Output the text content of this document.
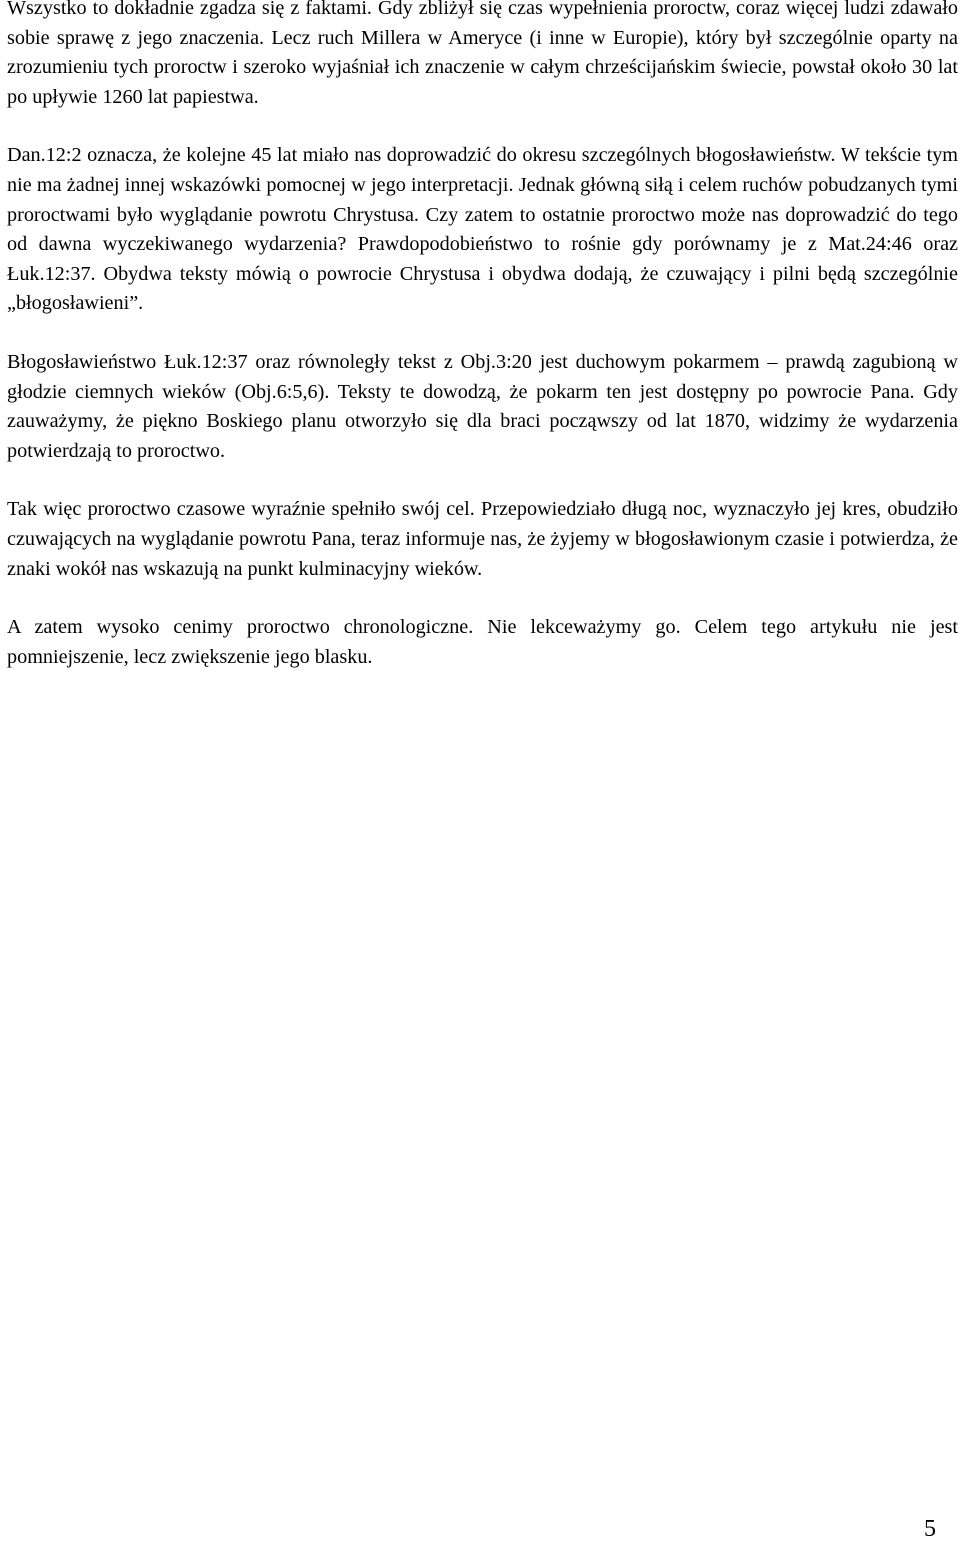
Wszystko to dokładnie zgadza się z faktami. Gdy zbliżył się czas wypełnienia proroctw, coraz więcej ludzi zdawało sobie sprawę z jego znaczenia. Lecz ruch Millera w Ameryce (i inne w Europie), który był szczególnie oparty na zrozumieniu tych proroctw i szeroko wyjaśniał ich znaczenie w całym chrześcijańskim świecie, powstał około 30 lat po upływie 1260 lat papiestwa.

Dan.12:2 oznacza, że kolejne 45 lat miało nas doprowadzić do okresu szczególnych błogosławieństw. W tekście tym nie ma żadnej innej wskazówki pomocnej w jego interpretacji. Jednak główną siłą i celem ruchów pobudzanych tymi proroctwami było wyglądanie powrotu Chrystusa. Czy zatem to ostatnie proroctwo może nas doprowadzić do tego od dawna wyczekiwanego wydarzenia? Prawdopodobieństwo to rośnie gdy porównamy je z Mat.24:46 oraz Łuk.12:37. Obydwa teksty mówią o powrocie Chrystusa i obydwa dodają, że czuwający i pilni będą szczególnie „błogosławieni”.

Błogosławieństwo Łuk.12:37 oraz równoległy tekst z Obj.3:20 jest duchowym pokarmem – prawdą zagubioną w głodzie ciemnych wieków (Obj.6:5,6). Teksty te dowodzą, że pokarm ten jest dostępny po powrocie Pana. Gdy zauważymy, że piękno Boskiego planu otworzyło się dla braci począwszy od lat 1870, widzimy że wydarzenia potwierdzają to proroctwo.

Tak więc proroctwo czasowe wyraźnie spełniło swój cel. Przepowiedziało długą noc, wyznaczyło jej kres, obudziło czuwających na wyglądanie powrotu Pana, teraz informuje nas, że żyjemy w błogosławionym czasie i potwierdza, że znaki wokół nas wskazują na punkt kulminacyjny wieków.

A zatem wysoko cenimy proroctwo chronologiczne. Nie lekceważymy go. Celem tego artykułu nie jest pomniejszenie, lecz zwiększenie jego blasku.

5
